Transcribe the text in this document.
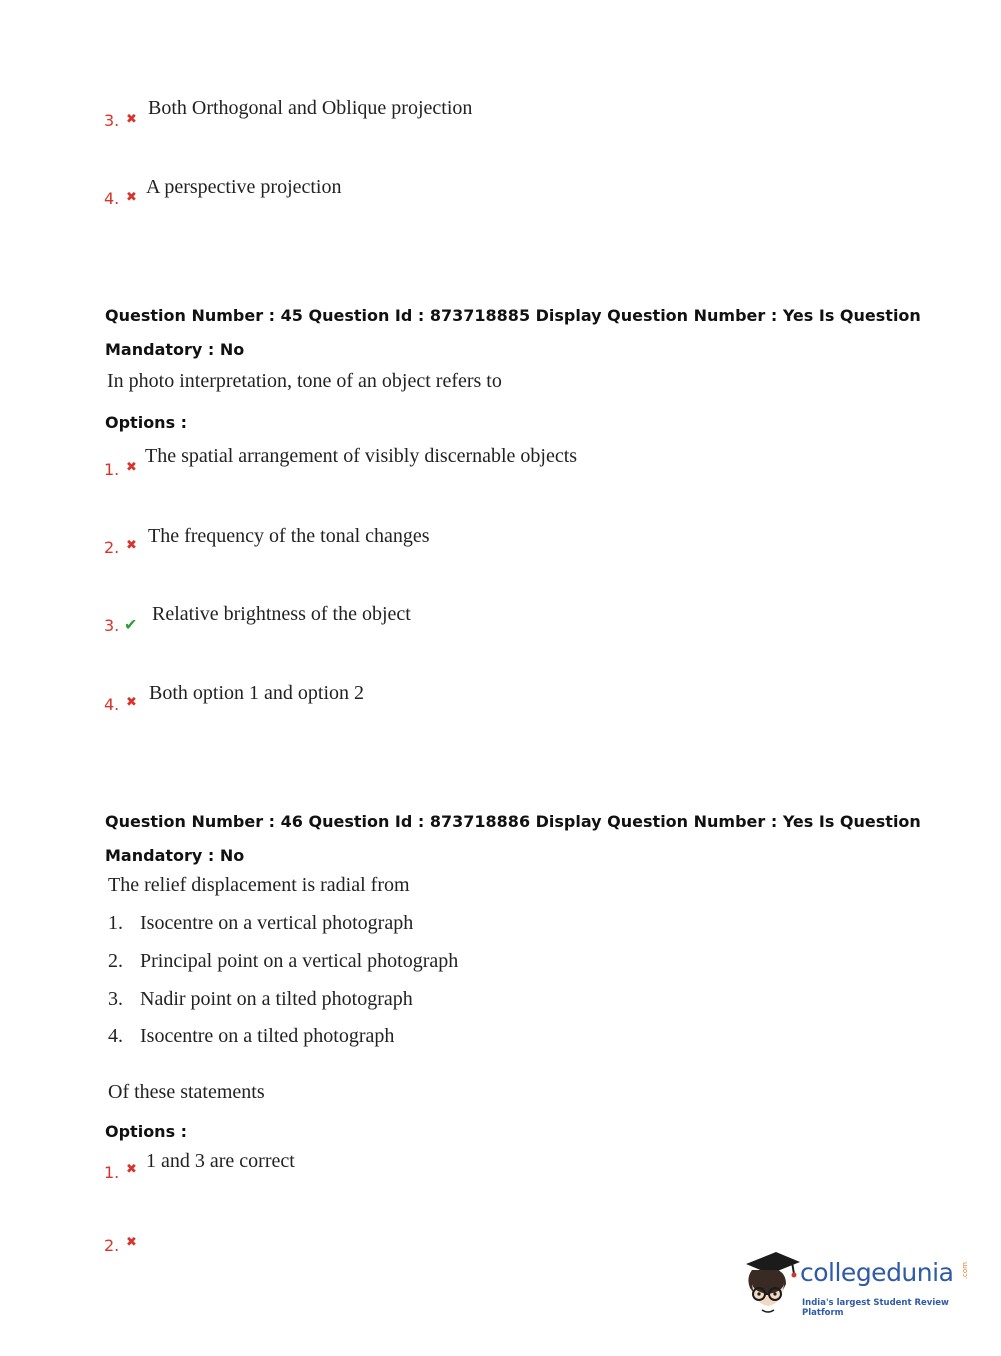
3. ✖
Both Orthogonal and Oblique projection
4. ✖ A perspective projection
Question Number : 45 Question Id : 873718885 Display Question Number : Yes Is Question
Mandatory : No
In photo interpretation, tone of an object refers to
Options :
1. ✖
The spatial arrangement of visibly discernable objects
2. ✖ The frequency of the tonal changes
3. ✔ Relative brightness of the object
4. ✖ Both option 1 and option 2
Question Number : 46 Question Id : 873718886 Display Question Number : Yes Is Question
Mandatory : No
The relief displacement is radial from
1. Isocentre on a vertical photograph
2. Principal point on a vertical photograph
3. Nadir point on a tilted photograph
4. Isocentre on a tilted photograph
Of these statements
Options :
1. ✖ 1 and 3 are correct
2. ✖
collegedunia .com
India's largest Student Review Platform
